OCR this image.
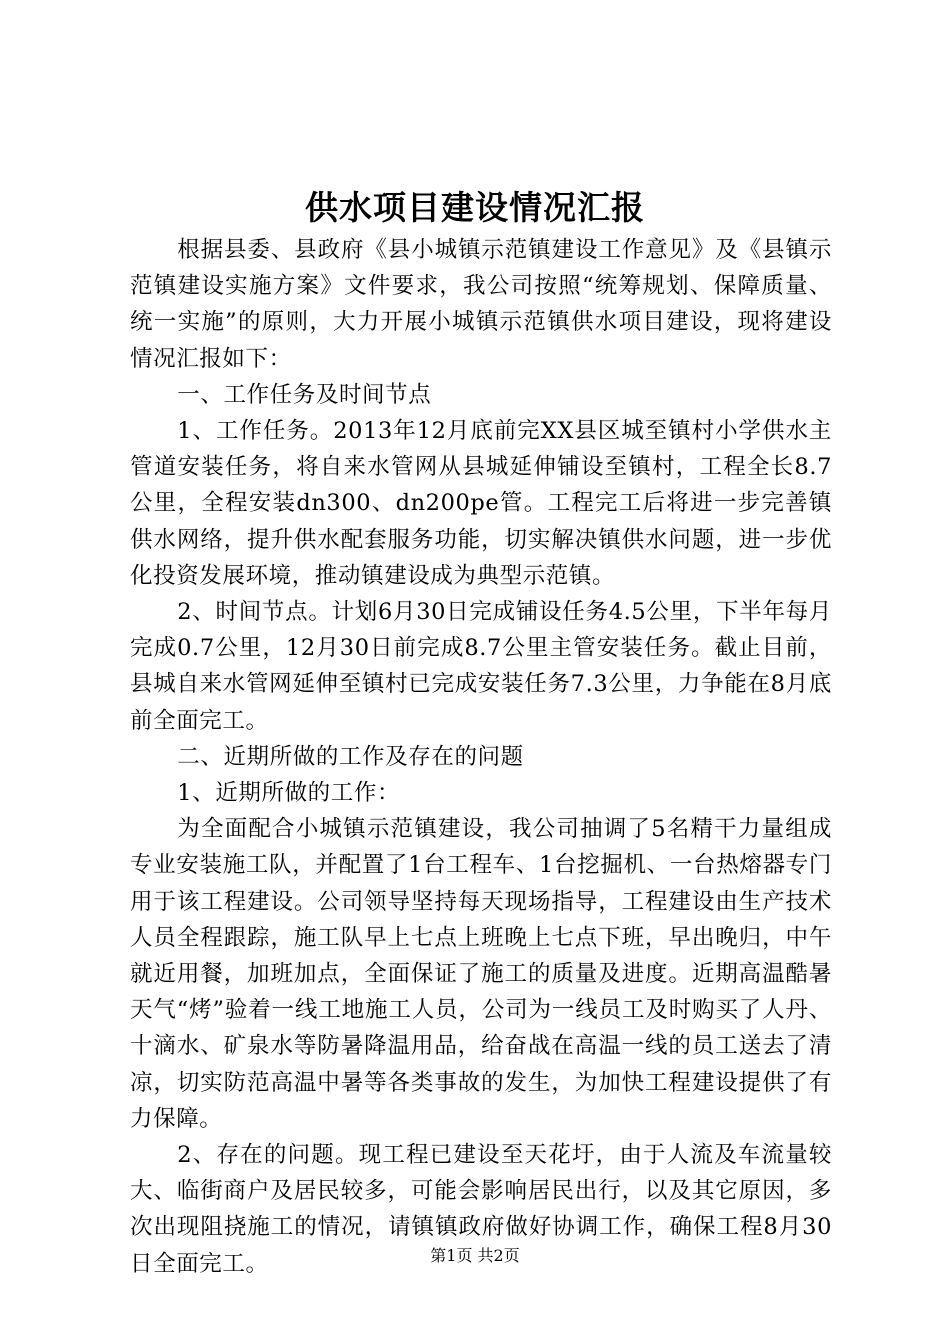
供水项目建设情况汇报

根据县委、县政府《县小城镇示范镇建设工作意见》及《县镇示范镇建设实施方案》文件要求，我公司按照“统筹规划、保障质量、统一实施”的原则，大力开展小城镇示范镇供水项目建设，现将建设情况汇报如下：

一、工作任务及时间节点

1、工作任务。2013年12月底前完XX县区城至镇村小学供水主管道安装任务，将自来水管网从县城延伸铺设至镇村，工程全长8.7公里，全程安装dn300、dn200pe管。工程完工后将进一步完善镇供水网络，提升供水配套服务功能，切实解决镇供水问题，进一步优化投资发展环境，推动镇建设成为典型示范镇。

2、时间节点。计划6月30日完成铺设任务4.5公里，下半年每月完成0.7公里，12月30日前完成8.7公里主管安装任务。截止目前，县城自来水管网延伸至镇村已完成安装任务7.3公里，力争能在8月底前全面完工。

二、近期所做的工作及存在的问题

1、近期所做的工作：

为全面配合小城镇示范镇建设，我公司抽调了5名精干力量组成专业安装施工队，并配置了1台工程车、1台挖掘机、一台热熔器专门用于该工程建设。公司领导坚持每天现场指导，工程建设由生产技术人员全程跟踪，施工队早上七点上班晚上七点下班，早出晚归，中午就近用餐，加班加点，全面保证了施工的质量及进度。近期高温酷暑天气“烤”验着一线工地施工人员，公司为一线员工及时购买了人丹、十滴水、矿泉水等防暑降温用品，给奋战在高温一线的员工送去了清凉，切实防范高温中暑等各类事故的发生，为加快工程建设提供了有力保障。

2、存在的问题。现工程已建设至天花圩，由于人流及车流量较大、临街商户及居民较多，可能会影响居民出行，以及其它原因，多次出现阻挠施工的情况，请镇镇政府做好协调工作，确保工程8月30日全面完工。	第1页 共2页
